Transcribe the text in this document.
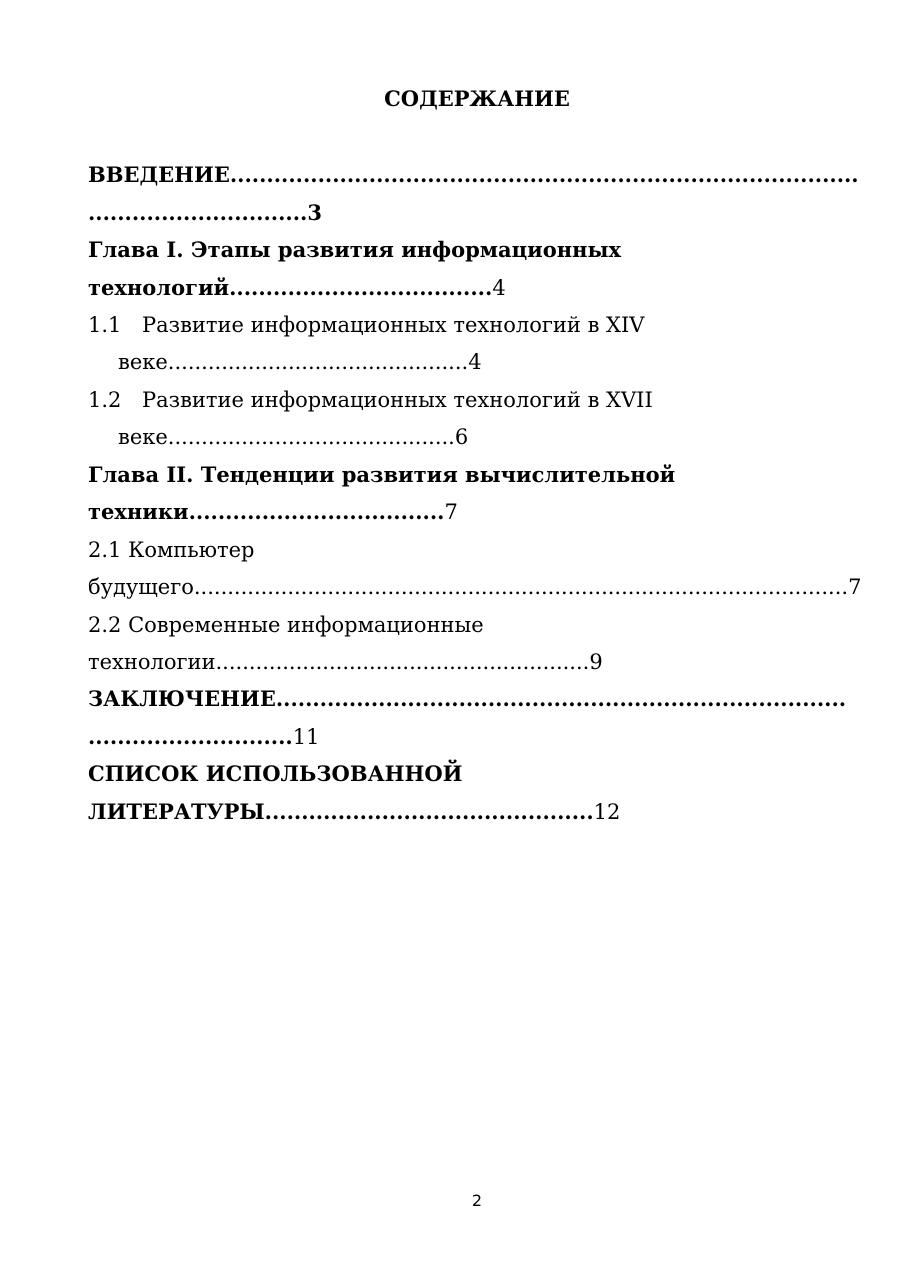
СОДЕРЖАНИЕ
ВВЕДЕНИЕ......................................................................................
..............................3
Глава I. Этапы развития информационных
технологий....................................4
1.1 Развитие информационных технологий в XIV
веке.............................................4
1.2 Развитие информационных технологий в XVII
веке...........................................6
Глава II. Тенденции развития вычислительной
техники...................................7
2.1 Компьютер
будущего..................................................................................................7
2.2 Современные информационные
технологии........................................................9
ЗАКЛЮЧЕНИЕ..............................................................................
............................11
СПИСОК ИСПОЛЬЗОВАННОЙ
ЛИТЕРАТУРЫ.............................................12
2
